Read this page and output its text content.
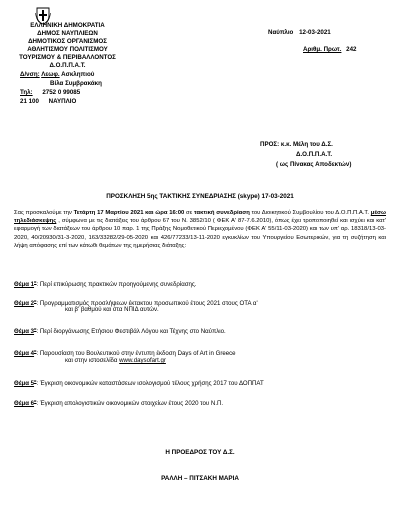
ΕΛΛΗΝΙΚΗ ΔΗΜΟΚΡΑΤΙΑ
ΔΗΜΟΣ ΝΑΥΠΛΙΕΩΝ
ΔΗΜΟΤΙΚΟΣ ΟΡΓΑΝΙΣΜΟΣ
ΑΘΛΗΤΙΣΜΟΥ ΠΟΛΙΤΙΣΜΟΥ
ΤΟΥΡΙΣΜΟΥ & ΠΕΡΙΒΑΛΛΟΝΤΟΣ
Δ.Ο.Π.Π.Α.Τ.
Δ/νση: Λεωφ. Ασκληπιού
Βίλα Συμβρακάκη
Τηλ: 2752 0 99085
21 100 ΝΑΥΠΛΙΟ
Ναύπλιο 12-03-2021
Αριθμ. Πρωτ. 242
ΠΡΟΣ: κ.κ. Μέλη του Δ.Σ.
Δ.Ο.Π.Π.Α.Τ.
( ως Πίνακας Αποδεκτών)
ΠΡΟΣΚΛΗΣΗ 5ης ΤΑΚΤΙΚΗΣ ΣΥΝΕΔΡΙΑΣΗΣ (skype) 17-03-2021
Σας προσκαλούμε την Τετάρτη 17 Μαρτίου 2021 και ώρα 16:00 σε τακτική συνεδρίαση του Διοικητικού Συμβουλίου του Δ.Ο.Π.Π.Α.Τ. μέσω τηλεδιάσκεψης , σύμφωνα με τις διατάξεις του άρθρου 67 του Ν. 3852/10 ( ΦΕΚ Α' 87-7.6.2010), όπως έχει τροποποιηθεί και ισχύει και κατ' εφαρμογή των διατάξεων του άρθρου 10 παρ. 1 της Πράξης Νομοθετικού Περιεχομένου (ΦΕΚ Α' 55/11-03-2020) και των υπ' αρ. 18318/13-03-2020, 40/20930/31-3-2020, 163/33282/29-05-2020 και 426/77233/13-11-2020 εγκυκλίων του Υπουργείου Εσωτερικών, για τη συζήτηση και λήψη απόφασης επί των κάτωθι θεμάτων της ημερήσιας διάταξης:
Θέμα $1^o$: Περί επικύρωσης πρακτικών προηγούμενης συνεδρίασης.
Θέμα $2^o$: Προγραμματισμός προσλήψεων έκτακτου προσωπικού έτους 2021 στους ΟΤΑ α'
και β' βαθμού και στα ΝΠΙΔ αυτών.
Θέμα $3^o$: Περί διοργάνωσης Ετήσιου Φεστιβάλ Λόγου και Τέχνης στο Ναύπλιο.
Θέμα $4^o$: Παρουσίαση του Βουλευτικού στην έντυπη έκδοση Days of Art in Greece
και στην ιστοσελίδα www.daysofart.gr
Θέμα $5^o$: Έγκριση οικονομικών καταστάσεων ισολογισμού τέλους χρήσης 2017 του ΔΟΠΠΑΤ
Θέμα $6^o$: Έγκριση απολογιστικών οικονομικών στοιχείων έτους 2020 του Ν.Π.
Η ΠΡΟΕΔΡΟΣ ΤΟΥ Δ.Σ.
ΡΑΛΛΗ – ΠΙΤΣΑΚΗ ΜΑΡΙΑ
